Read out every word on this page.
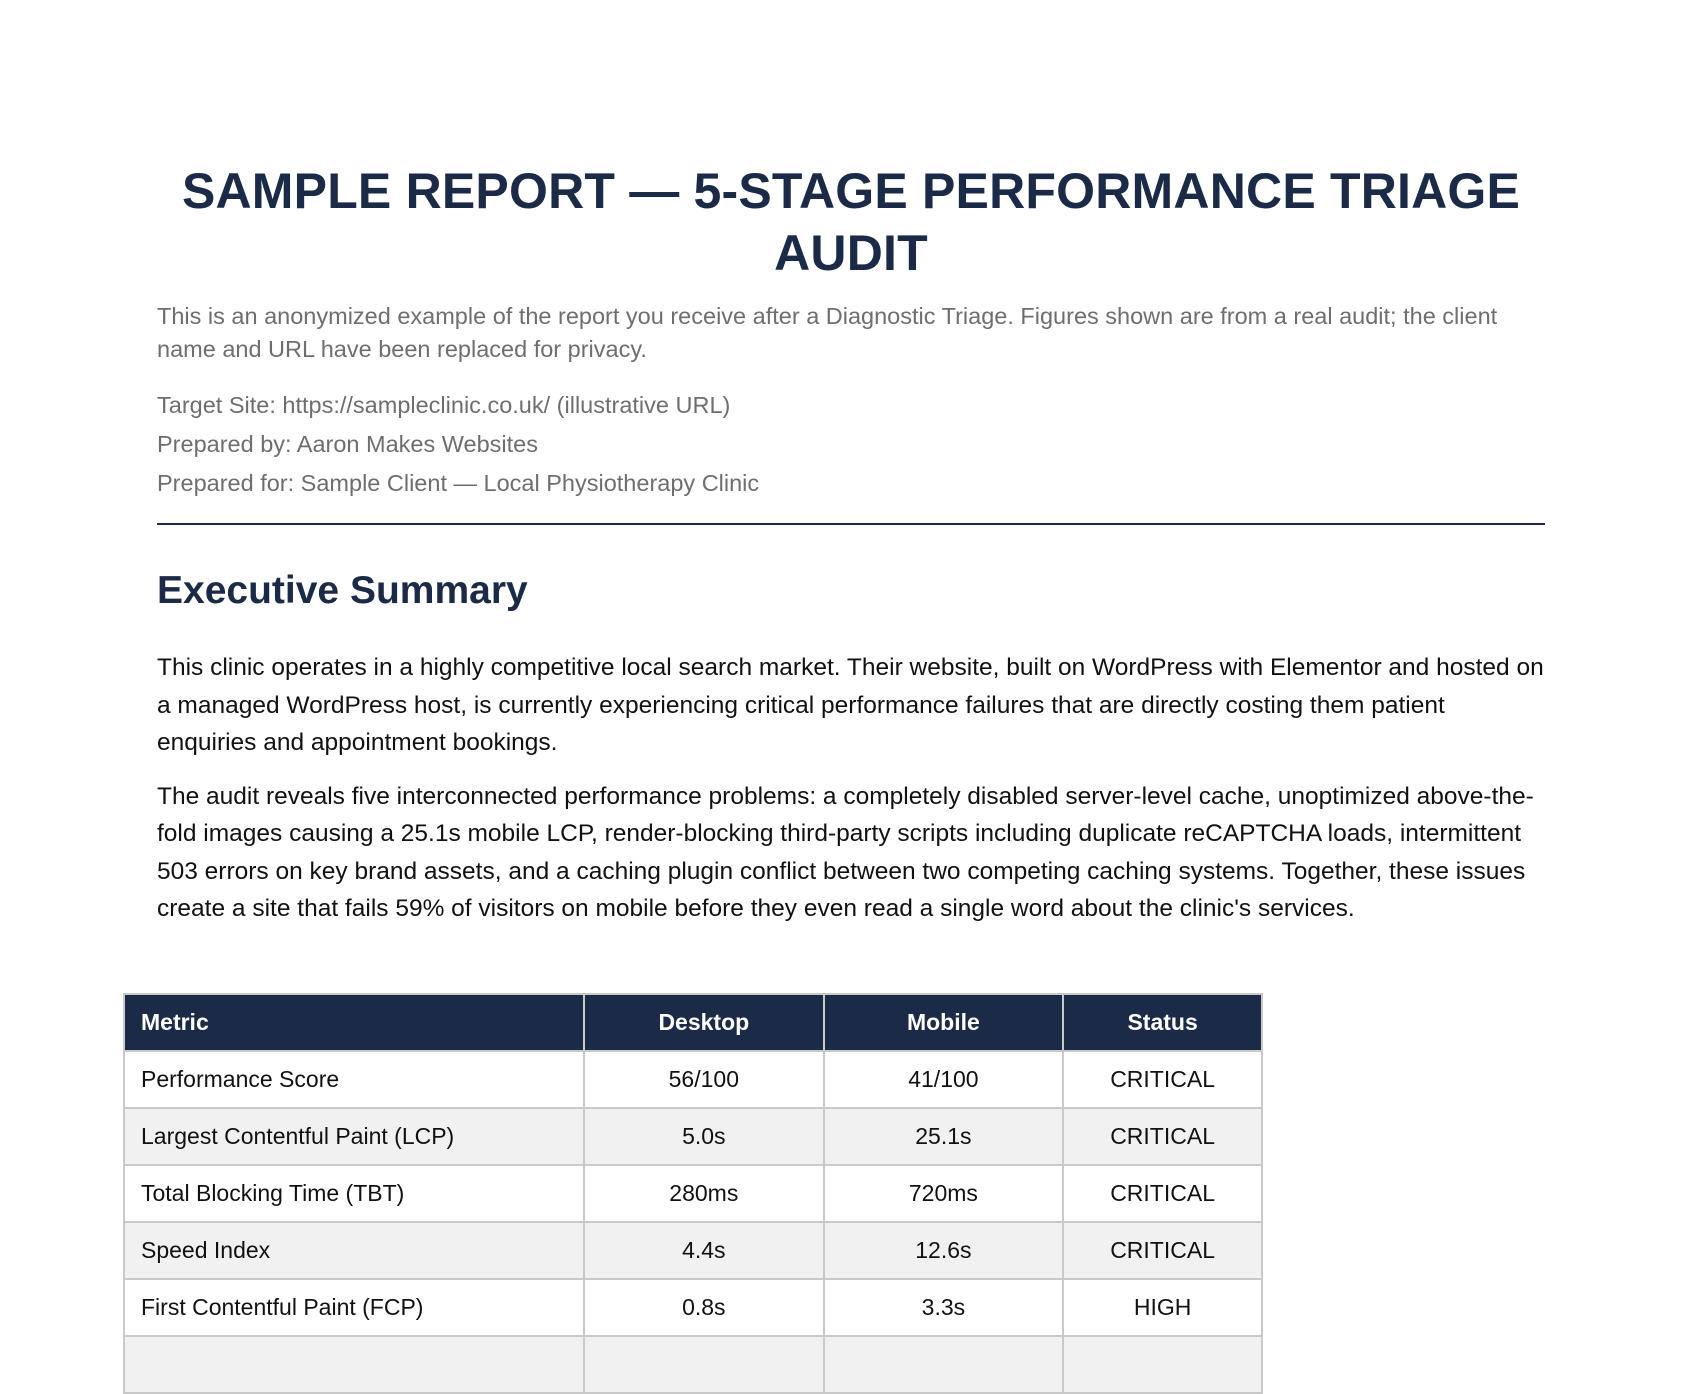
SAMPLE REPORT — 5-STAGE PERFORMANCE TRIAGE AUDIT

This is an anonymized example of the report you receive after a Diagnostic Triage. Figures shown are from a real audit; the client name and URL have been replaced for privacy.

Target Site: https://sampleclinic.co.uk/ (illustrative URL)
Prepared by: Aaron Makes Websites
Prepared for: Sample Client — Local Physiotherapy Clinic
Executive Summary

This clinic operates in a highly competitive local search market. Their website, built on WordPress with Elementor and hosted on a managed WordPress host, is currently experiencing critical performance failures that are directly costing them patient enquiries and appointment bookings.

The audit reveals five interconnected performance problems: a completely disabled server-level cache, unoptimized above-the-fold images causing a 25.1s mobile LCP, render-blocking third-party scripts including duplicate reCAPTCHA loads, intermittent 503 errors on key brand assets, and a caching plugin conflict between two competing caching systems. Together, these issues create a site that fails 59% of visitors on mobile before they even read a single word about the clinic's services.

Metric	Desktop	Mobile	Status
Performance Score	56/100	41/100	CRITICAL
Largest Contentful Paint (LCP)	5.0s	25.1s	CRITICAL
Total Blocking Time (TBT)	280ms	720ms	CRITICAL
Speed Index	4.4s	12.6s	CRITICAL
First Contentful Paint (FCP)	0.8s	3.3s	HIGH
